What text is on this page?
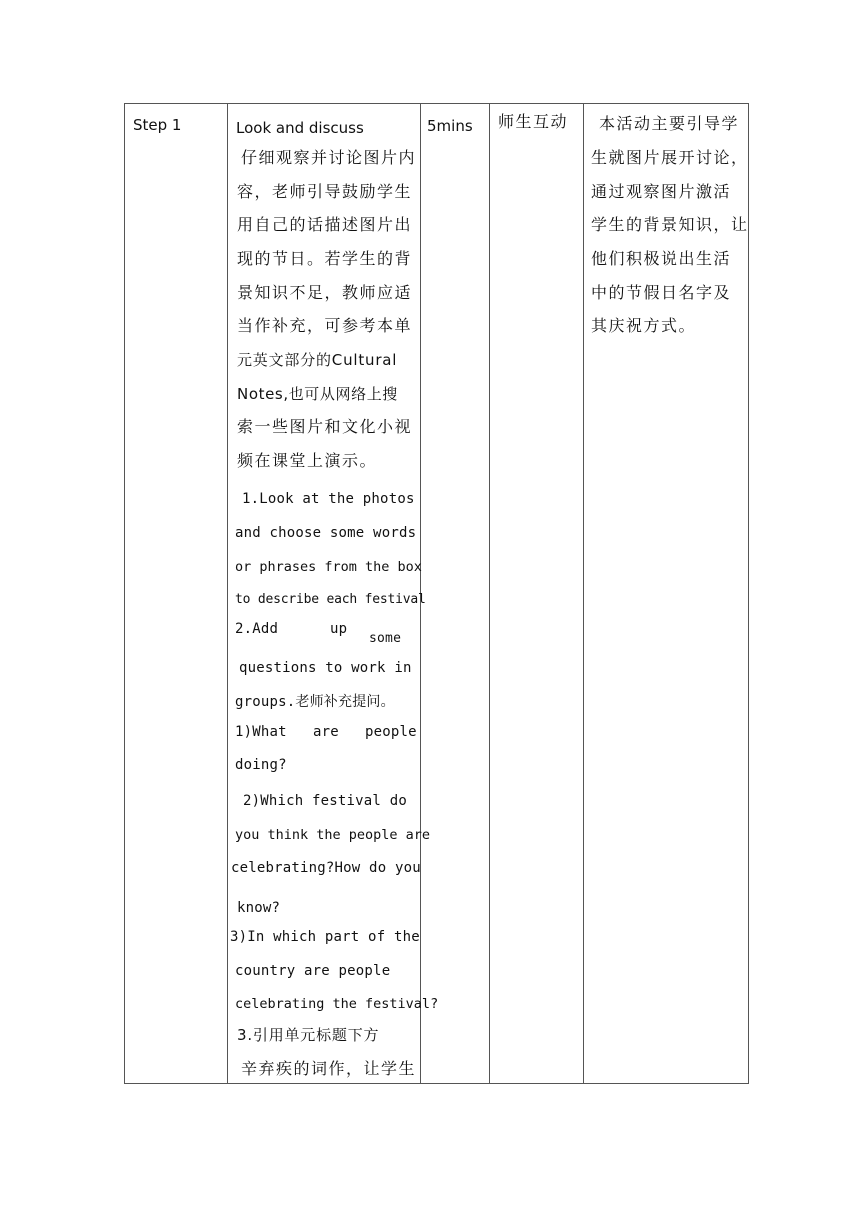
Step 1	Look and discuss
仔细观察并讨论图片内
容，老师引导鼓励学生
用自己的话描述图片出
现的节日。若学生的背
景知识不足，教师应适
当作补充，可参考本单
元英文部分的Cultural
Notes,也可从网络上搜
索一些图片和文化小视
频在课堂上演示。
1.Look at the photos
and choose some words
or phrases from the box
to describe each festival
2.Add	up
some
questions to work in
groups.老师补充提问。
1)What are people
doing?
2)Which festival do
you think the people are
celebrating?How do you
know?
3)In which part of the
country are people
celebrating the festival?
3.引用单元标题下方
辛弃疾的词作，让学生
5mins 师生互动 本活动主要引导学
生就图片展开讨论，
通过观察图片激活
学生的背景知识，让
他们积极说出生活
中的节假日名字及
其庆祝方式。
